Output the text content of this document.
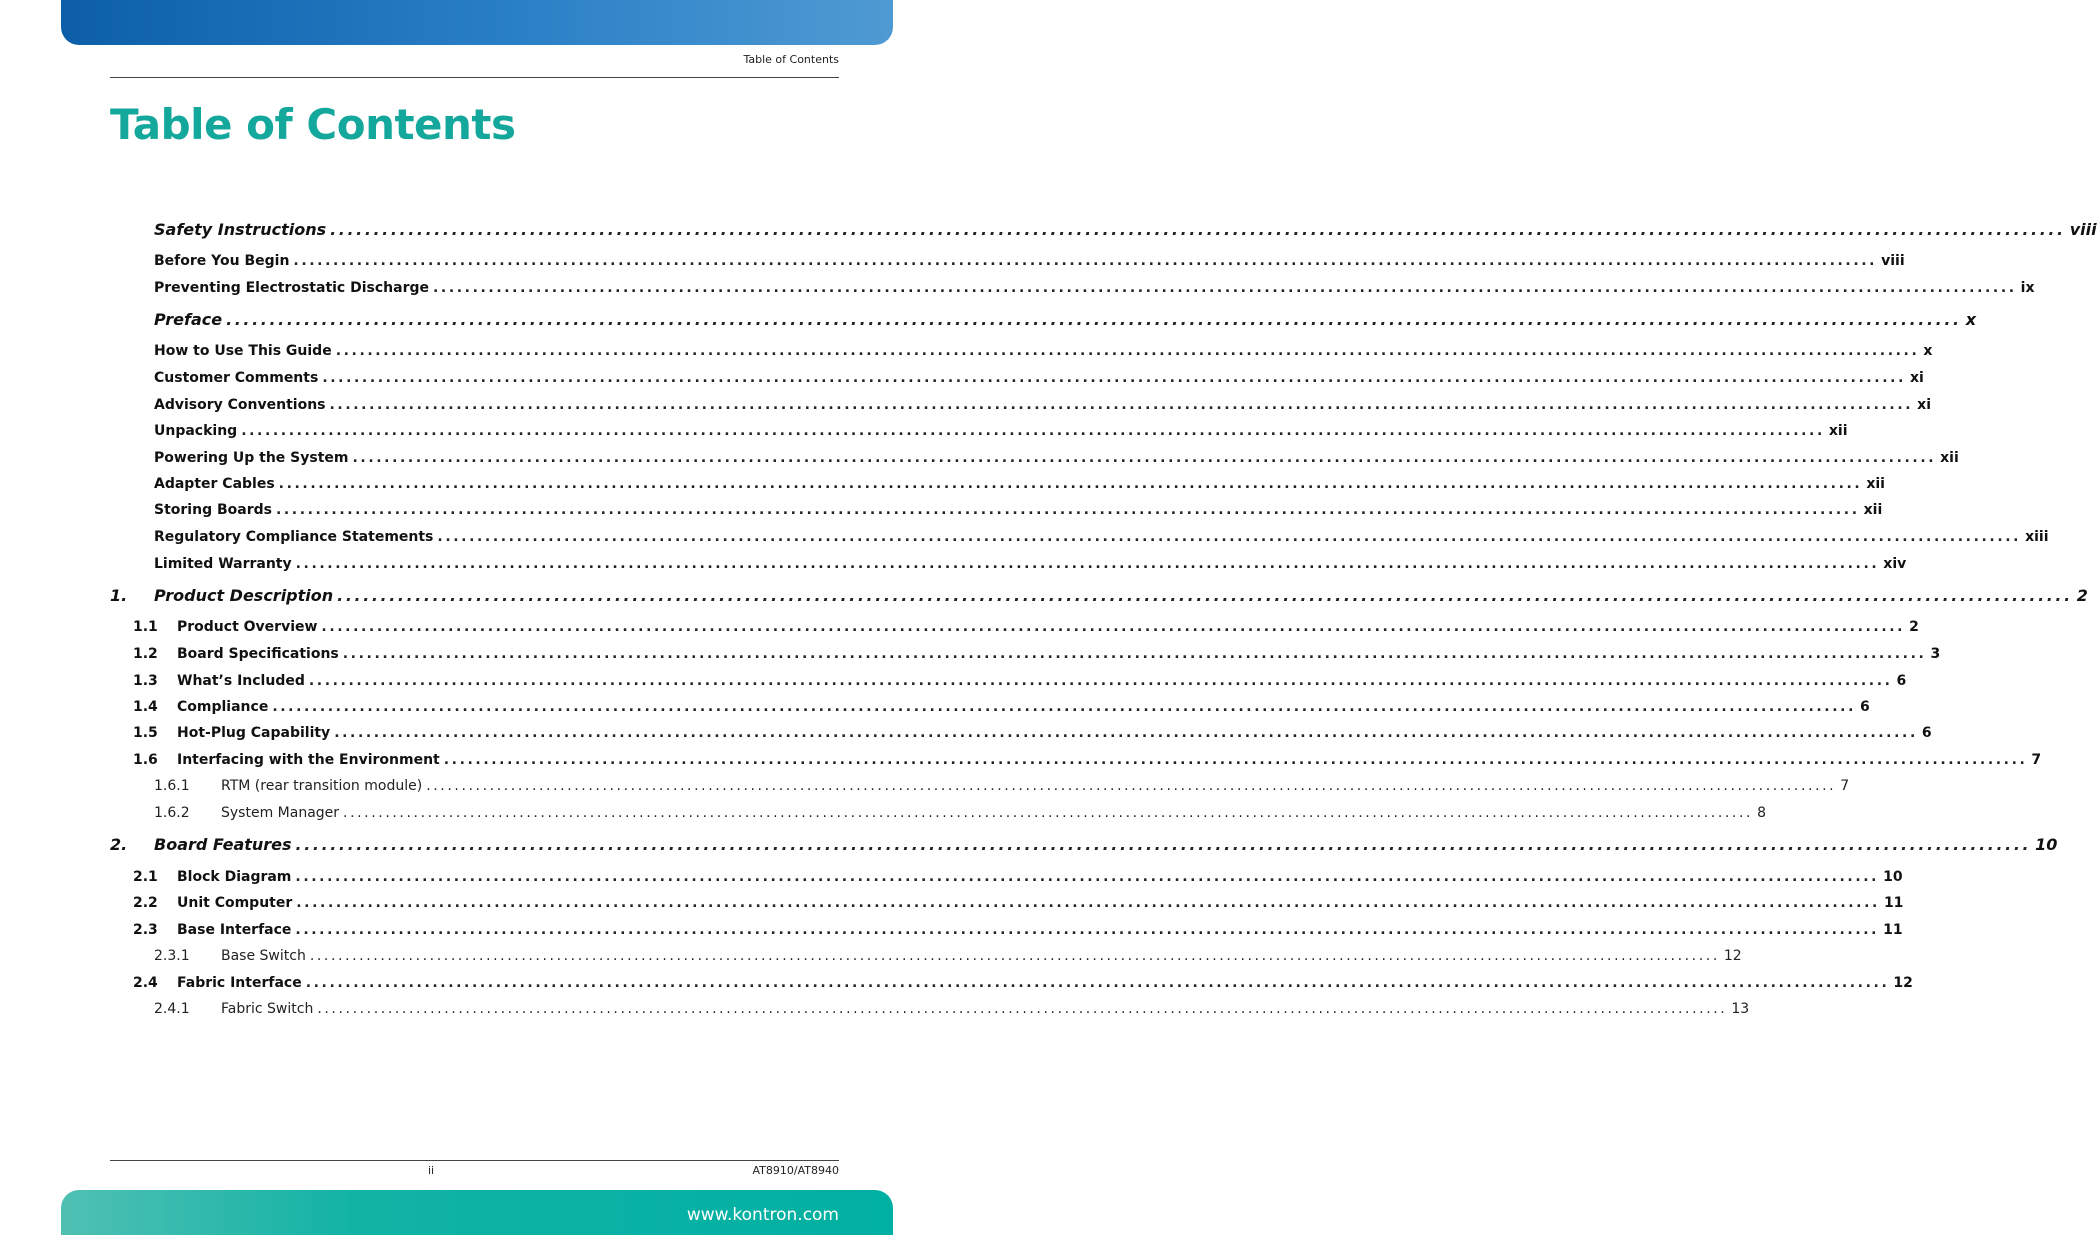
Table of Contents
Table of Contents
Safety Instructions ........................................................................................................................................................................................................ viii
Before You Begin ........................................................................................................................................................................................................ viii
Preventing Electrostatic Discharge ........................................................................................................................................................................................................ ix
Preface ........................................................................................................................................................................................................ x
How to Use This Guide ........................................................................................................................................................................................................ x
Customer Comments ........................................................................................................................................................................................................ xi
Advisory Conventions ........................................................................................................................................................................................................ xi
Unpacking ........................................................................................................................................................................................................ xii
Powering Up the System ........................................................................................................................................................................................................ xii
Adapter Cables ........................................................................................................................................................................................................ xii
Storing Boards ........................................................................................................................................................................................................ xii
Regulatory Compliance Statements ........................................................................................................................................................................................................ xiii
Limited Warranty ........................................................................................................................................................................................................ xiv
1.	Product Description ........................................................................................................................................................................................................ 2
1.1	Product Overview ........................................................................................................................................................................................................ 2
1.2	Board Specifications ........................................................................................................................................................................................................ 3
1.3	What’s Included ........................................................................................................................................................................................................ 6
1.4	Compliance ........................................................................................................................................................................................................ 6
1.5	Hot-Plug Capability ........................................................................................................................................................................................................ 6
1.6	Interfacing with the Environment ........................................................................................................................................................................................................ 7
1.6.1	RTM (rear transition module) ........................................................................................................................................................................................................ 7
1.6.2	System Manager ........................................................................................................................................................................................................ 8
2.	Board Features ........................................................................................................................................................................................................ 10
2.1	Block Diagram ........................................................................................................................................................................................................ 10
2.2	Unit Computer ........................................................................................................................................................................................................ 11
2.3	Base Interface ........................................................................................................................................................................................................ 11
2.3.1	Base Switch ........................................................................................................................................................................................................ 12
2.4	Fabric Interface ........................................................................................................................................................................................................ 12
2.4.1	Fabric Switch ........................................................................................................................................................................................................ 13
ii	AT8910/AT8940
www.kontron.com
